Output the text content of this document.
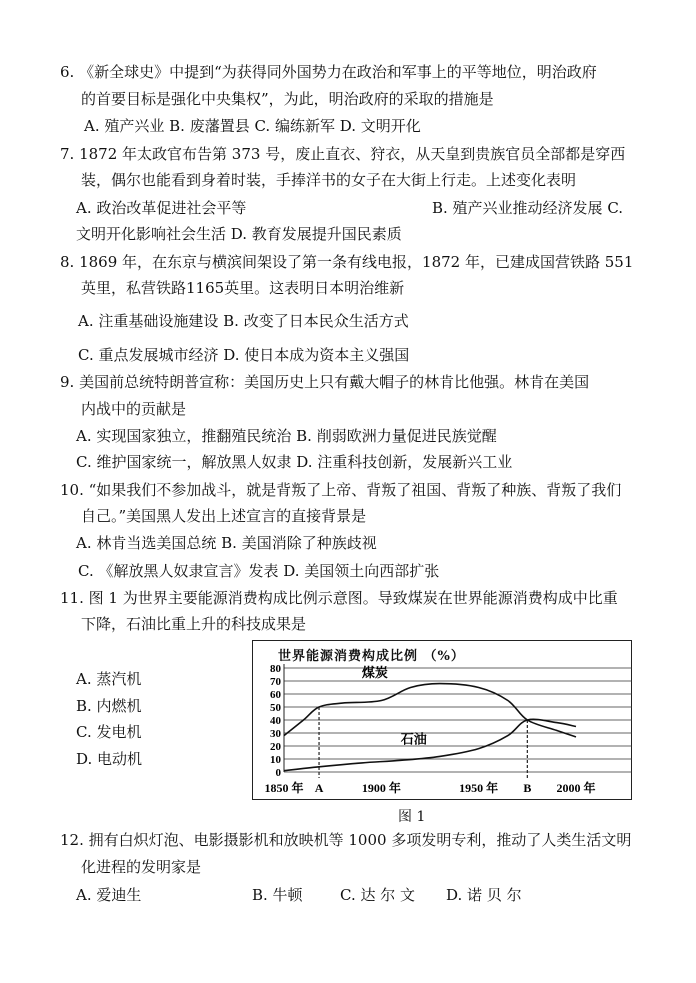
6. 《新全球史》中提到“为获得同外国势力在政治和军事上的平等地位，明治政府
的首要目标是强化中央集权”，为此，明治政府的采取的措施是
A. 殖产兴业 B. 废藩置县 C. 编练新军 D. 文明开化
7. 1872 年太政官布告第 373 号，废止直衣、狩衣，从天皇到贵族官员全部都是穿西
装，偶尔也能看到身着时装，手捧洋书的女子在大街上行走。上述变化表明
A. 政治改革促进社会平等	B. 殖产兴业推动经济发展 C.
文明开化影响社会生活 D. 教育发展提升国民素质
8. 1869 年，在东京与横滨间架设了第一条有线电报，1872 年，已建成国营铁路 551
英里，私营铁路1165英里。这表明日本明治维新
A. 注重基础设施建设 B. 改变了日本民众生活方式
C. 重点发展城市经济 D. 使日本成为资本主义强国
9. 美国前总统特朗普宣称：美国历史上只有戴大帽子的林肯比他强。林肯在美国
内战中的贡献是
A. 实现国家独立，推翻殖民统治 B. 削弱欧洲力量促进民族觉醒
C. 维护国家统一，解放黑人奴隶 D. 注重科技创新，发展新兴工业
10. “如果我们不参加战斗，就是背叛了上帝、背叛了祖国、背叛了种族、背叛了我们
自己。”美国黑人发出上述宣言的直接背景是
A. 林肯当选美国总统 B. 美国消除了种族歧视
C. 《解放黑人奴隶宣言》发表 D. 美国领土向西部扩张
11. 图 1 为世界主要能源消费构成比例示意图。导致煤炭在世界能源消费构成中比重
下降，石油比重上升的科技成果是
A. 蒸汽机
B. 内燃机
C. 发电机
D. 电动机
0
10
20
30
40
50
60
70
80
1850 年 A	1900 年	1950 年 B 2000 年
煤炭
石油
世界能源消费构成比例 （%）
图 1
12. 拥有白炽灯泡、电影摄影机和放映机等 1000 多项发明专利，推动了人类生活文明
化进程的发明家是
A. 爱迪生	B. 牛顿 C. 达 尔 文 D. 诺 贝 尔
